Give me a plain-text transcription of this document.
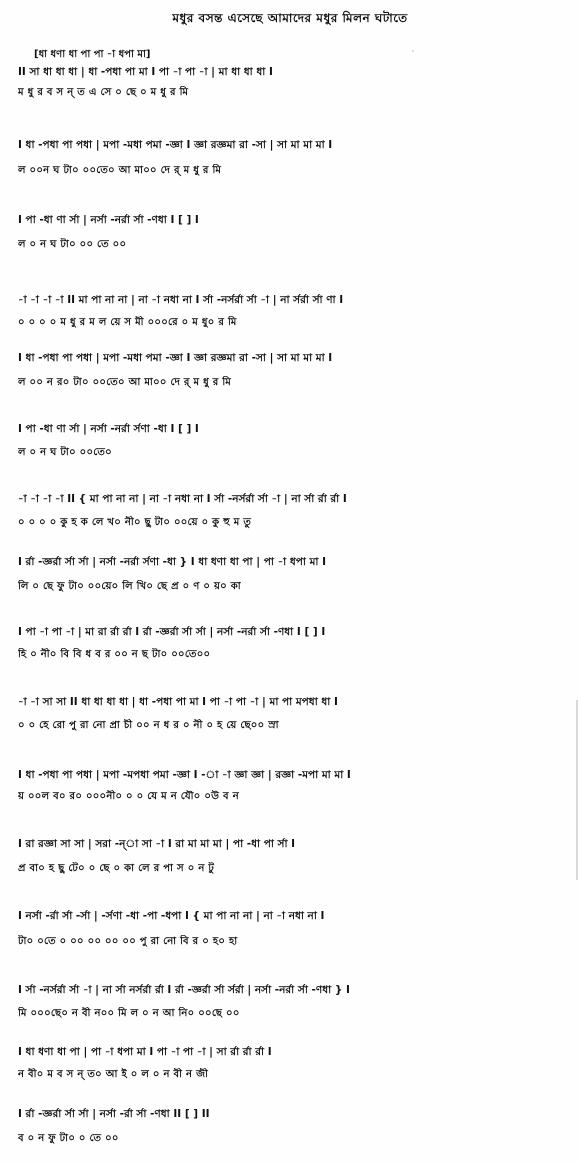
মধুর বসন্ত এসেছে আমাদের মধুর মিলন ঘটাতে
[ধা ধণা ধা পা পা -া ধপা মা]
II সা ধা ধা ধা | ধা -পধা পা মা I পা -া পা -া | মা ধা ধা ধা I
ম ধু র ব স ন্ ত এ সে ০ ছে ০ ম ধু র মি
I ধা -পধা পা পধা | মপা -মধা পমা -জ্ঞা I জ্ঞা রজ্ঞমা রা -সা | সা মা মা মা I
ল ০০ন ঘ টা০ ০০তে০ আ মা০০ দে র্ ম ধু র মি
I পা -ধা ণা র্সা | নর্সা -নর্রা র্সা -ণধা I [ ] I
ল ০ ন ঘ টা০ ০০ তে ০০
-া -া -া -া II মা পা না না | না -া নধা না I র্সা -নর্সর্রা র্সা -া | না র্সর্রা র্সা ণা I
০ ০ ০ ০ ম ধু র ম ল য়ে স মী ০০০রে ০ ম ধু০ র মি
I ধা -পধা পা পধা | মপা -মধা পমা -জ্ঞা I জ্ঞা রজ্ঞমা রা -সা | সা মা মা মা I
ল ০০ ন র০ টা০ ০০তে০ আ মা০০ দে র্ ম ধু র মি
I পা -ধা ণা র্সা | নর্সা -নর্রা র্সণা -ধা I [ ] I
ল ০ ন ঘ টা০ ০০তে০
-া -া -া -া II { মা পা না না | না -া নধা না I র্সা -নর্সর্রা র্সা -া | না র্সা র্রা র্রা I
০ ০ ০ ০ কু হ ক লে খ০ নী০ ছু টা০ ০০য়ে ০ কু হু ম তু
I র্রা -জ্ঞর্রা র্সা র্সা | নর্সা -নর্রা র্সণা -ধা } I ধা ধণা ধা পা | পা -া ধপা মা I
লি ০ ছে ফু টা০ ০০য়ে০ লি খি০ ছে প্র ০ ণ ০ য়০ কা
I পা -া পা -া | মা রা র্রা র্রা I র্রা -জ্ঞর্রা র্সা র্সা | নর্সা -নর্রা র্সা -ণধা I [ ] I
হি ০ নী০ বি বি ধ ব র ০০ ন ছ টা০ ০০তে০০
-া -া সা সা II ধা ধা ধা ধা | ধা -পধা পা মা I পা -া পা -া | মা পা মপধা ধা I
০ ০ হে রো পু রা নো প্রা চী ০০ ন ধ র ০ নী ০ হ য়ে ছে০০ স্রা
I ধা -পধা পা পধা | মপা -মপধা পমা -জ্ঞা I -া -া জ্ঞা জ্ঞা | রজ্ঞা -মপা মা মা I
য় ০০ল ব০ র০ ০০০নী০ ০ ০ যে ম ন যৌ০ ০উ ব ন
I রা রজ্ঞা সা সা | সরা -ন্‌া সা -া I রা মা মা মা | পা -ধা পা র্সা I
প্র বা০ হ ছু টে০ ০ ছে ০ কা লে র পা স ০ ন টু
I নর্সা -র্রা র্সা -র্সা | -র্সণা -ধা -পা -ধপা I { মা পা না না | না -া নধা না I
টা০ ০তে ০ ০০ ০০ ০০ ০০ পু রা নো বি র ০ হ০ হা
I র্সা -নর্সর্রা র্সা -া | না র্সা নর্সর্রা র্রা I র্রা -জ্ঞর্রা র্সা র্সর্রা | নর্সা -নর্রা র্সা -ণধা } I
মি ০০০ছে০ ন বী ন০০ মি ল ০ ন আ নি০ ০০ছে ০০
I ধা ধণা ধা পা | পা -া ধপা মা I পা -া পা -া | সা র্রা র্রা র্রা I
ন বী০ ম ব স ন্ ত০ আ ই ০ ল ০ ন বী ন জী
I র্রা -জ্ঞর্রা র্সা র্সা | নর্সা -র্রা র্সা -ণধা II [ ] II
ব ০ ন ফু টা০ ০ তে ০০
